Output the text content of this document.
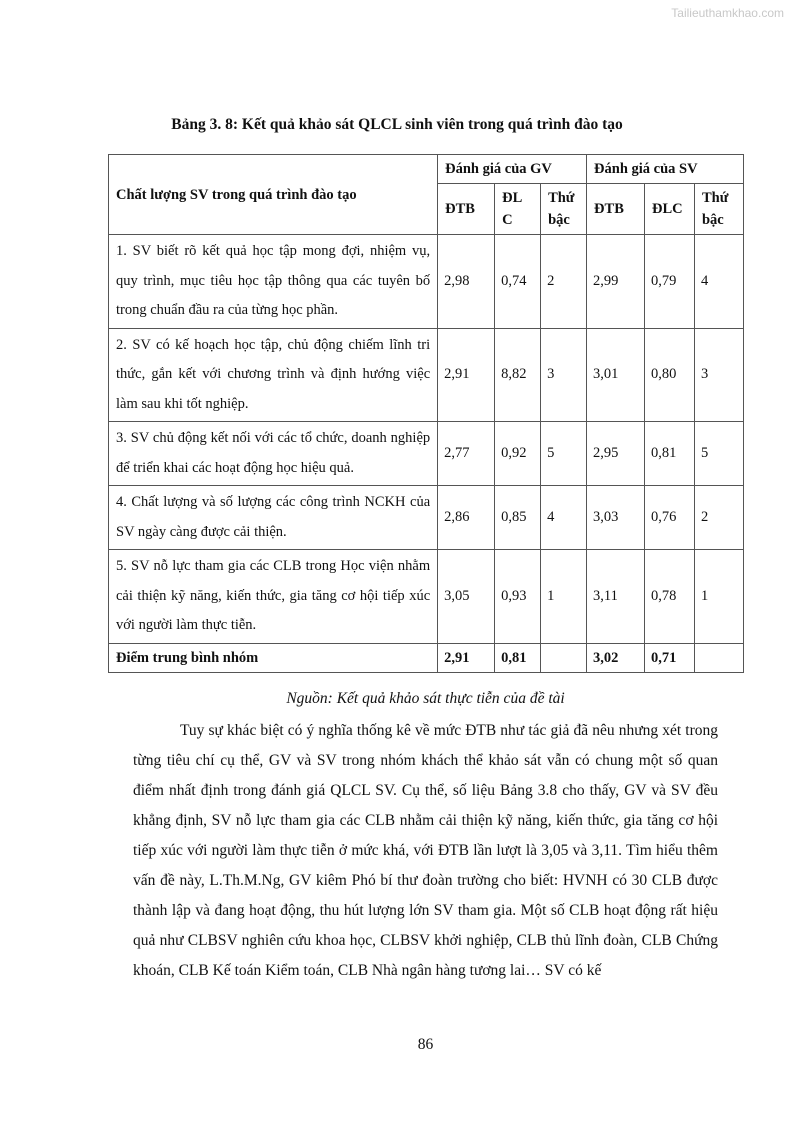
Tailieuthamkhao.com
Bảng 3. 8: Kết quả khảo sát QLCL sinh viên trong quá trình đào tạo
Chất lượng SV trong quá trình đào tạo	Đánh giá của GV			Đánh giá của SV		
	ĐTB	ĐL C	Thứ bậc	ĐTB	ĐLC	Thứ bậc
1. SV biết rõ kết quả học tập mong đợi, nhiệm vụ, quy trình, mục tiêu học tập thông qua các tuyên bố trong chuẩn đầu ra của từng học phần.	2,98	0,74	2	2,99	0,79	4
2. SV có kế hoạch học tập, chủ động chiếm lĩnh tri thức, gắn kết với chương trình và định hướng việc làm sau khi tốt nghiệp.	2,91	8,82	3	3,01	0,80	3
3. SV chủ động kết nối với các tổ chức, doanh nghiệp để triển khai các hoạt động học hiệu quả.	2,77	0,92	5	2,95	0,81	5
4. Chất lượng và số lượng các công trình NCKH của SV ngày càng được cải thiện.	2,86	0,85	4	3,03	0,76	2
5. SV nỗ lực tham gia các CLB trong Học viện nhằm cải thiện kỹ năng, kiến thức, gia tăng cơ hội tiếp xúc với người làm thực tiễn.	3,05	0,93	1	3,11	0,78	1
Điểm trung bình nhóm	2,91	0,81		3,02	0,71	
Nguồn: Kết quả khảo sát thực tiễn của đề tài

Tuy sự khác biệt có ý nghĩa thống kê về mức ĐTB như tác giả đã nêu nhưng xét trong từng tiêu chí cụ thể, GV và SV trong nhóm khách thể khảo sát vẫn có chung một số quan điểm nhất định trong đánh giá QLCL SV. Cụ thể, số liệu Bảng 3.8 cho thấy, GV và SV đều khẳng định, SV nỗ lực tham gia các CLB nhằm cải thiện kỹ năng, kiến thức, gia tăng cơ hội tiếp xúc với người làm thực tiễn ở mức khá, với ĐTB lần lượt là 3,05 và 3,11. Tìm hiểu thêm vấn đề này, L.Th.M.Ng, GV kiêm Phó bí thư đoàn trường cho biết: HVNH có 30 CLB được thành lập và đang hoạt động, thu hút lượng lớn SV tham gia. Một số CLB hoạt động rất hiệu quả như CLBSV nghiên cứu khoa học, CLBSV khởi nghiệp, CLB thủ lĩnh đoàn, CLB Chứng khoán, CLB Kế toán Kiểm toán, CLB Nhà ngân hàng tương lai… SV có kế

86
